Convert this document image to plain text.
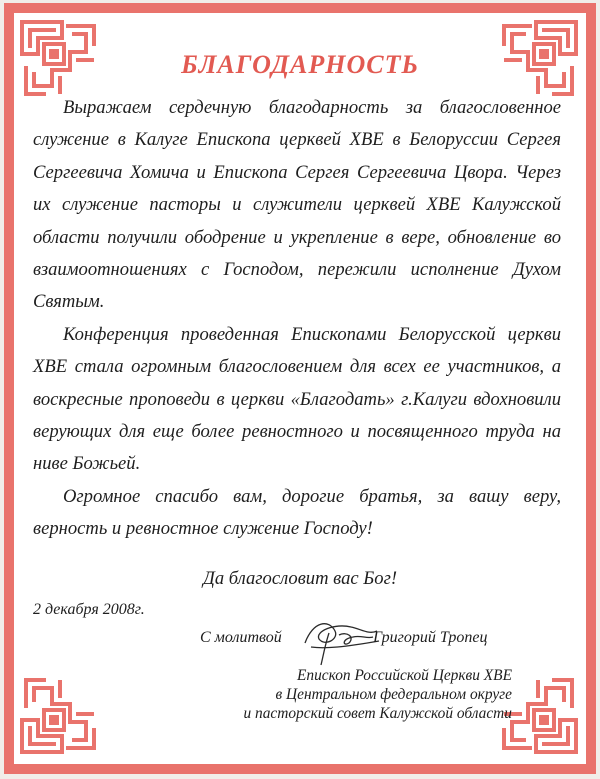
БЛАГОДАРНОСТЬ

Выражаем сердечную благодарность за благословенное служение в Калуге Епископа церквей ХВЕ в Белоруссии Сергея Сергеевича Хомича и Епископа Сергея Сергеевича Цвора. Через их служение пасторы и служители церквей ХВЕ Калужской области получили ободрение и укрепление в вере, обновление во взаимоотношениях с Господом, пережили исполнение Духом Святым.

Конференция проведенная Епископами Белорусской церкви ХВЕ стала огромным благословением для всех ее участников, а воскресные проповеди в церкви «Благодать» г.Калуги вдохновили верующих для еще более ревностного и посвященного труда на ниве Божьей.

Огромное спасибо вам, дорогие братья, за вашу веру, верность и ревностное служение Господу!

Да благословит вас Бог!
2 декабря 2008г.
С молитвой	Григорий Тропец
Епископ Российской Церкви ХВЕ
в Центральном федеральном округе
и пасторский совет Калужской области
